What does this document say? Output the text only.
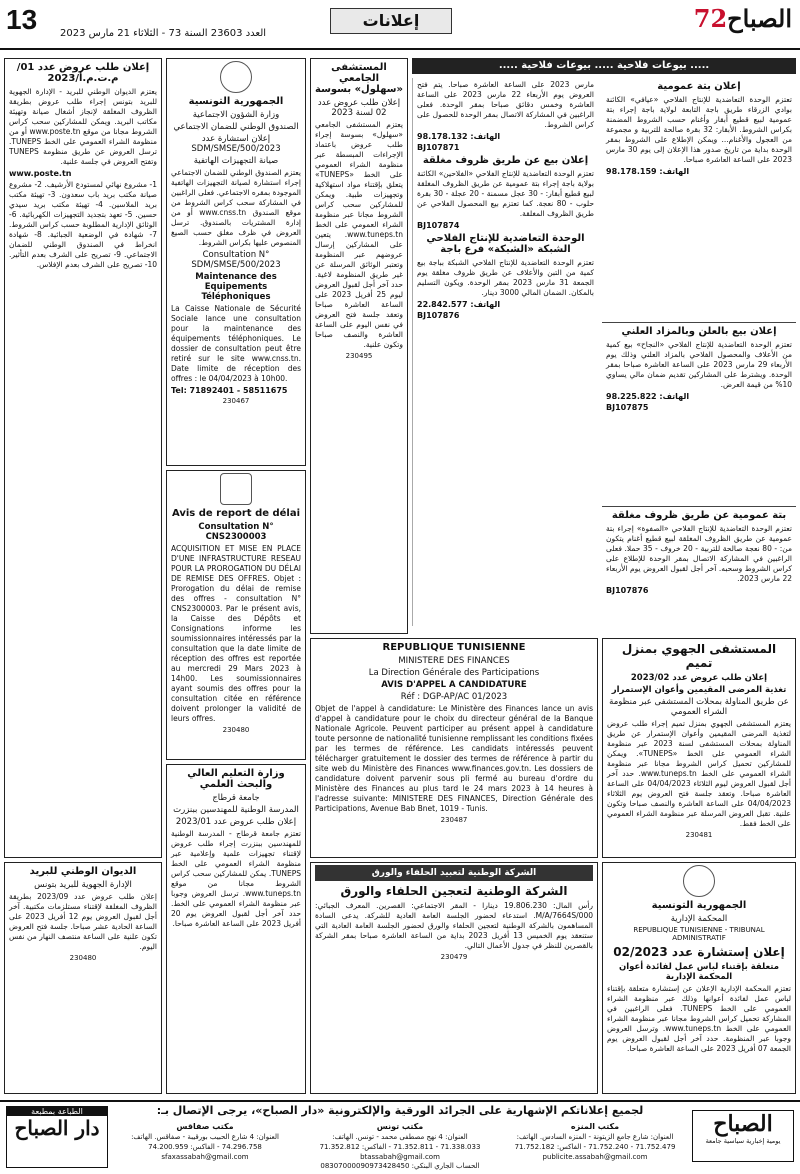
13 العدد 23603 السنة 73 - الثلاثاء 21 مارس 2023
إعلانات	72الصباح
..... بيوعات فلاحية ..... بيوعات فلاحية .....
إعلان بتة عمومية
تعتزم الوحدة التعاضدية للإنتاج الفلاحي «عيافي» الكائنة بوادي الزرقاء طريق باجة التابعة لولاية باجة إجراء بتة عمومية لبيع قطيع أبقار وأغنام حسب الشروط المضمنة بكراس الشروط. الأبقار: 32 بقرة صالحة للتربية و مجموعة من العجول والأغنام... ويمكن الإطلاع على الشروط بمقر الوحدة بداية من تاريخ صدور هذا الإعلان إلى يوم 30 مارس 2023 على الساعة العاشرة صباحا.
الهاتف: 98.178.159
إعلان بيع بالعلن وبالمزاد العلني
تعتزم الوحدة التعاضدية للإنتاج الفلاحي «النجاح» بيع كمية من الأعلاف والمحصول الفلاحي بالمزاد العلني وذلك يوم الأربعاء 29 مارس 2023 على الساعة العاشرة صباحا بمقر الوحدة. ويشترط على المشاركين تقديم ضمان مالي يساوي 10% من قيمة العرض.
الهاتف: 98.225.822
BJ107875
بتة عمومية عن طريق ظروف مغلقة
تعتزم الوحدة التعاضدية للإنتاج الفلاحي «الصفوة» إجراء بتة عمومية عن طريق الظروف المغلقة لبيع قطيع أغنام يتكون من: - 80 نعجة صالحة للتربية - 20 خروف - 35 حملا. فعلى الراغبين في المشاركة الاتصال بمقر الوحدة للإطلاع على كراس الشروط وسحبه. آخر أجل لقبول العروض يوم الأربعاء 22 مارس 2023.
BJ107876
مارس 2023 على الساعة العاشرة صباحا. يتم فتح العروض يوم الأربعاء 22 مارس 2023 على الساعة العاشرة وخمس دقائق صباحا بمقر الوحدة. فعلى الراغبين في المشاركة الاتصال بمقر الوحدة للحصول على كراس الشروط.
الهاتف: 98.178.132
BJ107871
إعلان بيع عن طريق ظروف مغلقة
تعتزم الوحدة التعاضدية للإنتاج الفلاحي «الفلاحين» الكائنة بولاية باجة إجراء بتة عمومية عن طريق الظروف المغلقة لبيع قطيع أبقار: - 30 عجل مسمنة - 20 عجلة - 30 بقرة حلوب - 80 نعجة. كما تعتزم بيع المحصول الفلاحي عن طريق الظروف المغلقة.
BJ107874
الوحدة التعاضدية للإنتاج الفلاحي الشبكة «الشبكة» فرع باجة
تعتزم الوحدة التعاضدية للإنتاج الفلاحي الشبكة بباجة بيع كمية من التبن والأعلاف عن طريق ظروف مغلقة يوم الجمعة 31 مارس 2023 بمقر الوحدة. ويكون التسليم بالمكان. الضمان المالي 3000 دينار.
الهاتف: 22.842.577
BJ107876
المستشفى الجامعي «سهلول» بسوسة
إعلان طلب عروض عدد 02 لسنة 2023
يعتزم المستشفى الجامعي «سهلول» بسوسة إجراء طلب عروض باعتماد الإجراءات المبسطة عبر منظومة الشراء العمومي على الخط «TUNEPS» يتعلق بإقتناء مواد استهلاكية وتجهيزات طبية. ويمكن للمشاركين سحب كراس الشروط مجانا عبر منظومة الشراء العمومي على الخط www.tuneps.tn. يتعين على المشاركين إرسال عروضهم عبر المنظومة وتعتبر الوثائق المرسلة عن غير طريق المنظومة لاغية. حدد آخر أجل لقبول العروض ليوم 25 أفريل 2023 على الساعة العاشرة صباحا وتعقد جلسة فتح العروض في نفس اليوم على الساعة العاشرة والنصف صباحا وتكون علنية.
230495
REPUBLIQUE TUNISIENNE
MINISTERE DES FINANCES
La Direction Générale des Participations
AVIS D'APPEL A CANDIDATURE
Réf : DGP-AP/AC 01/2023
Objet de l'appel à candidature: Le Ministère des Finances lance un avis d'appel à candidature pour le choix du directeur général de la Banque Nationale Agricole. Peuvent participer au présent appel à candidature toute personne de nationalité tunisienne remplissant les conditions fixées par les termes de référence. Les candidats intéressés peuvent télécharger gratuitement le dossier des termes de référence à partir du site web du Ministère des Finances www.finances.gov.tn. Les dossiers de candidature doivent parvenir sous pli fermé au bureau d'ordre du Ministère des Finances au plus tard le 24 mars 2023 à 14 heures à l'adresse suivante: MINISTERE DES FINANCES, Direction Générale des Participations, Avenue Bab Bnet, 1019 - Tunis.
230487
الشركة الوطنية لتعبيد الحلفاء والورق
الشركة الوطنية لتعجين الحلفاء والورق
رأس المال: 19.806.230 دينارا - المقر الاجتماعي: القصرين. المعرف الجبائي: 000/M/A/7664S. استدعاء لحضور الجلسة العامة العادية للشركة. يدعى السادة المساهمون بالشركة الوطنية لتعجين الحلفاء والورق لحضور الجلسة العامة العادية التي ستنعقد يوم الخميس 13 أفريل 2023 بداية من الساعة العاشرة صباحا بمقر الشركة بالقصرين للنظر في جدول الأعمال التالي.
230479
الجمهورية التونسية
وزارة الشؤون الاجتماعية
الصندوق الوطني للضمان الاجتماعي
إعلان استشارة عدد SDM/SMSE/500/2023
صيانة التجهيزات الهاتفية
يعتزم الصندوق الوطني للضمان الاجتماعي إجراء استشارة لصيانة التجهيزات الهاتفية الموجودة بمقره الاجتماعي. فعلى الراغبين في المشاركة سحب كراس الشروط من موقع الصندوق www.cnss.tn أو من إدارة المشتريات بالصندوق. ترسل العروض في ظرف مغلق حسب الصيغ المنصوص عليها بكراس الشروط.
Consultation N° SDM/SMSE/500/2023
Maintenance des Equipements Téléphoniques
La Caisse Nationale de Sécurité Sociale lance une consultation pour la maintenance des équipements téléphoniques. Le dossier de consultation peut être retiré sur le site www.cnss.tn. Date limite de réception des offres : le 04/04/2023 à 10h00.
Tel: 71892401 - 58511675
230467
Avis de report de délai
Consultation N° CNS2300003
ACQUISITION ET MISE EN PLACE D'UNE INFRASTRUCTURE RESEAU POUR LA PROROGATION DU DÉLAI DE REMISE DES OFFRES. Objet : Prorogation du délai de remise des offres - consultation N° CNS2300003. Par le présent avis, la Caisse des Dépôts et Consignations informe les soumissionnaires intéressés par la consultation que la date limite de réception des offres est reportée au mercredi 29 Mars 2023 à 14h00. Les soumissionnaires ayant soumis des offres pour la consultation citée en référence doivent prolonger la validité de leurs offres.
230480
وزارة التعليم العالي والبحث العلمي
جامعة قرطاج
المدرسة الوطنية للمهندسين ببنزرت
إعلان طلب عروض عدد 2023/01
تعتزم جامعة قرطاج - المدرسة الوطنية للمهندسين ببنزرت إجراء طلب عروض لإقتناء تجهيزات علمية وإعلامية عبر منظومة الشراء العمومي على الخط TUNEPS. يمكن للمشاركين سحب كراس الشروط مجانا من موقع www.tuneps.tn. ترسل العروض وجوبا عبر منظومة الشراء العمومي على الخط. حدد آخر أجل لقبول العروض يوم 20 أفريل 2023 على الساعة العاشرة صباحا.
إعلان طلب عروض عدد 01/م.ت.م.أ/2023
يعتزم الديوان الوطني للبريد - الإدارة الجهوية للبريد بتونس إجراء طلب عروض بطريقة الظروف المغلقة لإنجاز أشغال صيانة وتهيئة مكاتب البريد. ويمكن للمشاركين سحب كراس الشروط مجانا من موقع www.poste.tn أو من منظومة الشراء العمومي على الخط TUNEPS. ترسل العروض عن طريق منظومة TUNEPS وتفتح العروض في جلسة علنية.
www.poste.tn
1- مشروع نهائي لمستودع الأرشيف. 2- مشروع صيانة مكتب بريد باب سعدون. 3- تهيئة مكتب بريد الملاسين. 4- تهيئة مكتب بريد سيدي حسين. 5- تعهد بتجديد التجهيزات الكهربائية. 6- الوثائق الإدارية المطلوبة حسب كراس الشروط. 7- شهادة في الوضعية الجبائية. 8- شهادة انخراط في الصندوق الوطني للضمان الاجتماعي. 9- تصريح على الشرف بعدم التأثير. 10- تصريح على الشرف بعدم الإفلاس.
الديوان الوطني للبريد
الإدارة الجهوية للبريد بتونس
إعلان طلب عروض عدد 2023/09 بطريقة الظروف المغلقة لإقتناء مستلزمات مكتبية. آخر أجل لقبول العروض يوم 12 أفريل 2023 على الساعة الحادية عشر صباحا. جلسة فتح العروض تكون علنية على الساعة منتصف النهار من نفس اليوم.
230480
المستشفى الجهوي بمنزل تميم
إعلان طلب عروض عدد 2023/02
تغذية المرضى المقيمين وأعوان الإستمرار
عن طريق المناولة بمحلات المستشفى عبر منظومة الشراء العمومي
يعتزم المستشفى الجهوي بمنزل تميم إجراء طلب عروض لتغذية المرضى المقيمين وأعوان الإستمرار عن طريق المناولة بمحلات المستشفى لسنة 2023 عبر منظومة الشراء العمومي على الخط «TUNEPS». ويمكن للمشاركين تحميل كراس الشروط مجانا عبر منظومة الشراء العمومي على الخط www.tuneps.tn. حدد آخر أجل لقبول العروض ليوم الثلاثاء 04/04/2023 على الساعة العاشرة صباحا. وتعقد جلسة فتح العروض يوم الثلاثاء 04/04/2023 على الساعة العاشرة والنصف صباحا وتكون علنية. تقبل العروض المرسلة عبر منظومة الشراء العمومي على الخط فقط.
230481
الجمهورية التونسية
المحكمة الإدارية
REPUBLIQUE TUNISIENNE - TRIBUNAL ADMINISTRATIF
إعلان إستشارة عدد 02/2023
متعلقة بإقتناء لباس عمل لفائدة أعوان المحكمة الإدارية
تعتزم المحكمة الإدارية الإعلان عن إستشارة متعلقة بإقتناء لباس عمل لفائدة أعوانها وذلك عبر منظومة الشراء العمومي على الخط TUNEPS. فعلى الراغبين في المشاركة تحميل كراس الشروط مجانا عبر منظومة الشراء العمومي على الخط www.tuneps.tn. وترسل العروض وجوبا عبر المنظومة. حدد آخر أجل لقبول العروض يوم الجمعة 07 أفريل 2023 على الساعة العاشرة صباحا.
الطباعة بمطبعة
دار الصباح
لجميع إعلاناتكم الإشهارية على الجرائد الورقية والإلكترونية «دار الصباح»، يرجى الإتصال بـ:
مكتب المنزه
العنوان: شارع جامع الزيتونة - المنزه السادس. الهاتف: 71.752.479 - 71.752.240 - الفاكس: 71.752.182
publicite.assabah@gmail.com
مكتب تونس
العنوان: 4 نهج مصطفى محمد - تونس. الهاتف: 71.338.033 - 71.352.811 - الفاكس: 71.352.812
btassabah@gmail.com
مكتب صفاقس
العنوان: 4 شارع الحبيب بورقيبة - صفاقس. الهاتف: 74.296.758 - الفاكس: 74.200.959
sfaxassabah@gmail.com
الحساب الجاري البنكي: 08307000090973428450
الصباح
يومية إخبارية سياسية جامعة
